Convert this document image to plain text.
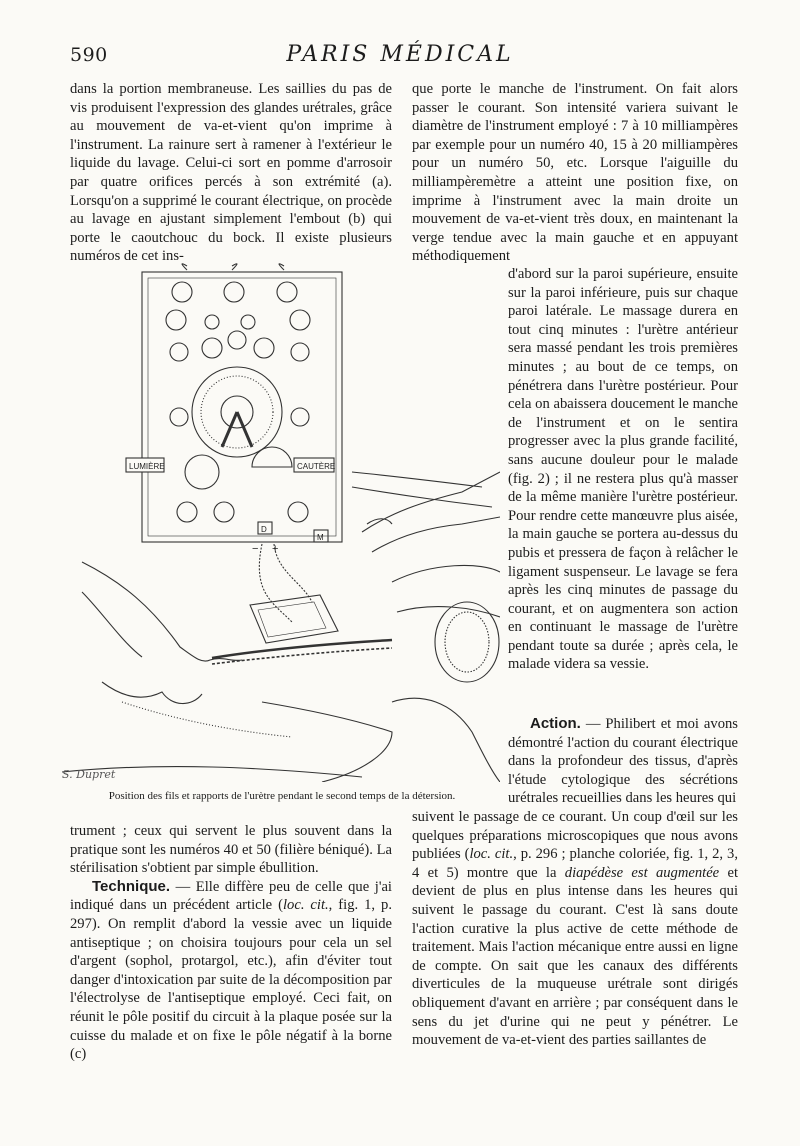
590	PARIS MÉDICAL

dans la portion membraneuse. Les saillies du pas de vis produisent l'expression des glandes urétrales, grâce au mouvement de va-et-vient qu'on imprime à l'instrument. La rainure sert à ramener à l'extérieur le liquide du lavage. Celui-ci sort en pomme d'arrosoir par quatre orifices percés à son extrémité (a). Lorsqu'on a supprimé le courant électrique, on procède au lavage en ajustant simplement l'embout (b) qui porte le caoutchouc du bock. Il existe plusieurs numéros de cet ins-

que porte le manche de l'instrument. On fait alors passer le courant. Son intensité variera suivant le diamètre de l'instrument employé : 7 à 10 milliampères par exemple pour un numéro 40, 15 à 20 milliampères pour un numéro 50, etc. Lorsque l'aiguille du milliampèremètre a atteint une position fixe, on imprime à l'instrument avec la main droite un mouvement de va-et-vient très doux, en maintenant la verge tendue avec la main gauche et en appuyant méthodiquement

d'abord sur la paroi supérieure, ensuite sur la paroi inférieure, puis sur chaque paroi latérale. Le massage durera en tout cinq minutes : l'urètre antérieur sera massé pendant les trois premières minutes ; au bout de ce temps, on pénétrera dans l'urètre postérieur. Pour cela on abaissera doucement le manche de l'instrument et on le sentira progresser avec la plus grande facilité, sans aucune douleur pour le malade (fig. 2) ; il ne restera plus qu'à masser de la même manière l'urètre postérieur. Pour rendre cette manœuvre plus aisée, la main gauche se portera au-dessus du pubis et pressera de façon à relâcher le ligament suspenseur. Le lavage se fera après les cinq minutes de passage du courant, et on augmentera son action en continuant le massage de l'urètre pendant toute sa durée ; après cela, le malade videra sa vessie.

Action. — Philibert et moi avons démontré l'action du courant électrique dans la profondeur des tissus, d'après l'étude cytologique des sécrétions urétrales recueillies dans les heures qui

suivent le passage de ce courant. Un coup d'œil sur les quelques préparations microscopiques que nous avons publiées (loc. cit., p. 296 ; planche coloriée, fig. 1, 2, 3, 4 et 5) montre que la diapédèse est augmentée et devient de plus en plus intense dans les heures qui suivent le passage du courant. C'est là sans doute l'action curative la plus active de cette méthode de traitement. Mais l'action mécanique entre aussi en ligne de compte. On sait que les canaux des différents diverticules de la muqueuse urétrale sont dirigés obliquement d'avant en arrière ; par conséquent dans le sens du jet d'urine qui ne peut y pénétrer. Le mouvement de va-et-vient des parties saillantes de

trument ; ceux qui servent le plus souvent dans la pratique sont les numéros 40 et 50 (filière béniqué). La stérilisation s'obtient par simple ébullition.

Technique. — Elle diffère peu de celle que j'ai indiqué dans un précédent article (loc. cit., fig. 1, p. 297). On remplit d'abord la vessie avec un liquide antiseptique ; on choisira toujours pour cela un sel d'argent (sophol, protargol, etc.), afin d'éviter tout danger d'intoxication par suite de la décomposition par l'électrolyse de l'antiseptique employé. Ceci fait, on réunit le pôle positif du circuit à la plaque posée sur la cuisse du malade et on fixe le pôle négatif à la borne (c)

LUMIÈRE	CAUTÈRE
D
M
− +
S. Dupret
Position des fils et rapports de l'urètre pendant le second temps de la détersion.
